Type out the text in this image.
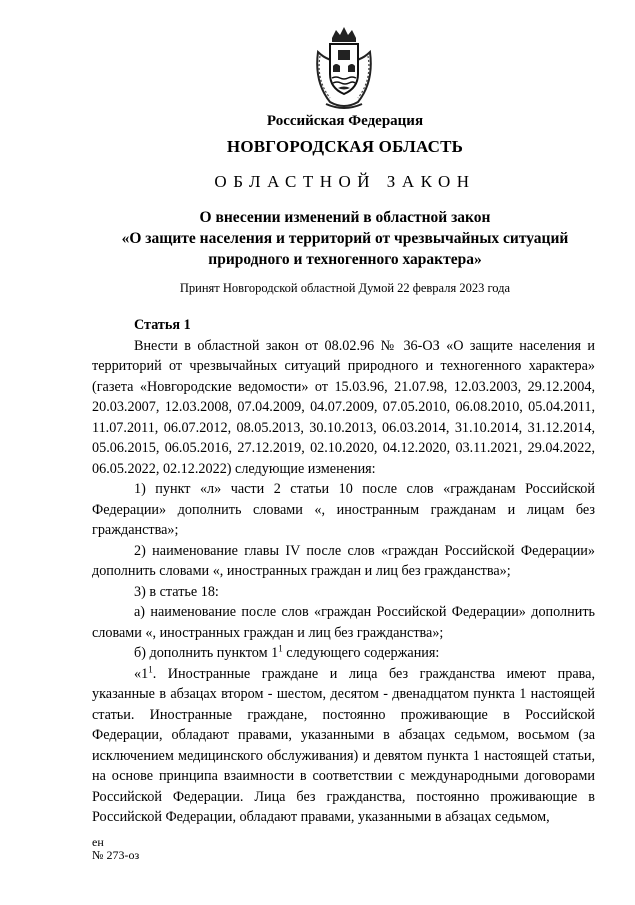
Российская Федерация
НОВГОРОДСКАЯ ОБЛАСТЬ
ОБЛАСТНОЙ ЗАКОН
О внесении изменений в областной закон
«О защите населения и территорий от чрезвычайных ситуаций
природного и техногенного характера»
Принят Новгородской областной Думой 22 февраля 2023 года

Статья 1

Внести в областной закон от 08.02.96 № 36-ОЗ «О защите населения и территорий от чрезвычайных ситуаций природного и техногенного характера» (газета «Новгородские ведомости» от 15.03.96, 21.07.98, 12.03.2003, 29.12.2004, 20.03.2007, 12.03.2008, 07.04.2009, 04.07.2009, 07.05.2010, 06.08.2010, 05.04.2011, 11.07.2011, 06.07.2012, 08.05.2013, 30.10.2013, 06.03.2014, 31.10.2014, 31.12.2014, 05.06.2015, 06.05.2016, 27.12.2019, 02.10.2020, 04.12.2020, 03.11.2021, 29.04.2022, 06.05.2022, 02.12.2022) следующие изменения:

1) пункт «л» части 2 статьи 10 после слов «гражданам Российской Федерации» дополнить словами «, иностранным гражданам и лицам без гражданства»;

2) наименование главы IV после слов «граждан Российской Федерации» дополнить словами «, иностранных граждан и лиц без гражданства»;

3) в статье 18:

а) наименование после слов «граждан Российской Федерации» дополнить словами «, иностранных граждан и лиц без гражданства»;

б) дополнить пунктом $1^1$ следующего содержания:

«$1^1$. Иностранные граждане и лица без гражданства имеют права, указанные в абзацах втором - шестом, десятом - двенадцатом пункта 1 настоящей статьи. Иностранные граждане, постоянно проживающие в Российской Федерации, обладают правами, указанными в абзацах седьмом, восьмом (за исключением медицинского обслуживания) и девятом пункта 1 настоящей статьи, на основе принципа взаимности в соответствии с международными договорами Российской Федерации. Лица без гражданства, постоянно проживающие в Российской Федерации, обладают правами, указанными в абзацах седьмом,

ен
№ 273-оз
